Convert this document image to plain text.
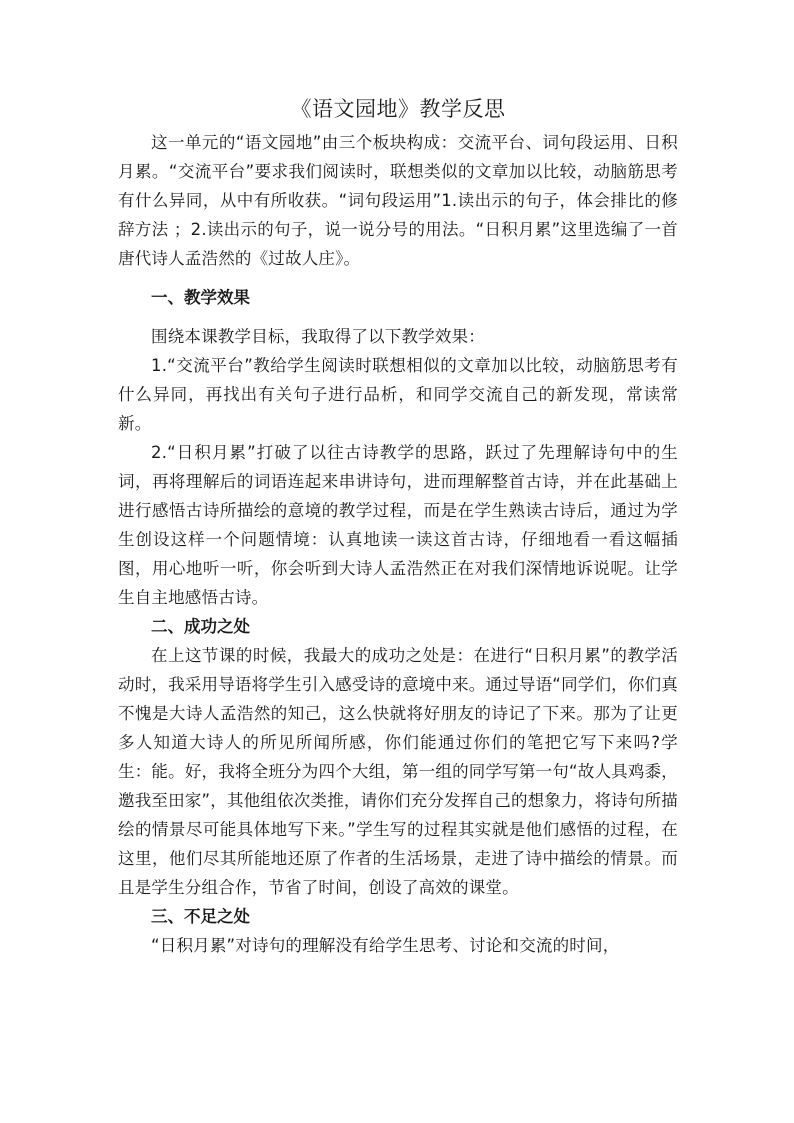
《语文园地》教学反思

这一单元的“语文园地”由三个板块构成：交流平台、词句段运用、日积月累。“交流平台”要求我们阅读时，联想类似的文章加以比较，动脑筋思考有什么异同，从中有所收获。“词句段运用”1.读出示的句子，体会排比的修辞方法 ；2.读出示的句子，说一说分号的用法。“日积月累”这里选编了一首唐代诗人孟浩然的《过故人庄》。

一、教学效果

围绕本课教学目标，我取得了以下教学效果：

1.“交流平台”教给学生阅读时联想相似的文章加以比较，动脑筋思考有什么异同，再找出有关句子进行品析，和同学交流自己的新发现，常读常新。

2.“日积月累”打破了以往古诗教学的思路，跃过了先理解诗句中的生词，再将理解后的词语连起来串讲诗句，进而理解整首古诗，并在此基础上进行感悟古诗所描绘的意境的教学过程，而是在学生熟读古诗后，通过为学生创设这样一个问题情境：认真地读一读这首古诗，仔细地看一看这幅插图，用心地听一听，你会听到大诗人孟浩然正在对我们深情地诉说呢。让学生自主地感悟古诗。

二、成功之处

在上这节课的时候，我最大的成功之处是：在进行“日积月累”的教学活动时，我采用导语将学生引入感受诗的意境中来。通过导语“同学们，你们真不愧是大诗人孟浩然的知己，这么快就将好朋友的诗记了下来。那为了让更多人知道大诗人的所见所闻所感，你们能通过你们的笔把它写下来吗?学生：能。好，我将全班分为四个大组，第一组的同学写第一句“故人具鸡黍，邀我至田家”，其他组依次类推，请你们充分发挥自己的想象力，将诗句所描绘的情景尽可能具体地写下来。”学生写的过程其实就是他们感悟的过程，在这里，他们尽其所能地还原了作者的生活场景，走进了诗中描绘的情景。而且是学生分组合作，节省了时间，创设了高效的课堂。

三、不足之处

“日积月累”对诗句的理解没有给学生思考、讨论和交流的时间，
